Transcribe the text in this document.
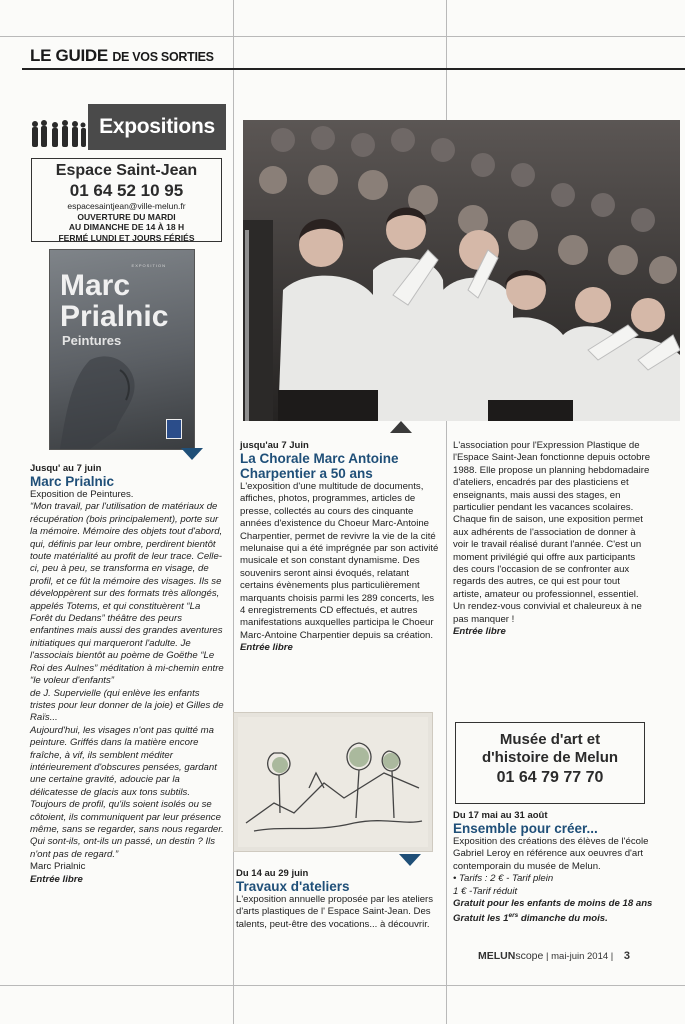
LE GUIDE DE VOS SORTIES
Expositions
Espace Saint-Jean
01 64 52 10 95
espacesaintjean@ville-melun.fr
OUVERTURE DU MARDI
AU DIMANCHE DE 14 À 18 H
FERMÉ LUNDI ET JOURS FÉRIÉS
EXPOSITION
Marc
Prialnic
Peintures
Jusqu' au 7 juin
Marc Prialnic

Exposition de Peintures.

“Mon travail, par l'utilisation de matériaux de récupération (bois principalement), porte sur la mémoire. Mémoire des objets tout d'abord, qui, définis par leur ombre, perdirent bientôt toute matérialité au profit de leur trace. Celle-ci, peu à peu, se transforma en visage, de profil, et ce fût la mémoire des visages. Ils se développèrent sur des formats très allongés, appelés Totems, et qui constituèrent “La Forêt du Dedans” théâtre des peurs enfantines mais aussi des grandes aventures initiatiques qui marqueront l'adulte. Je l'associais bientôt au poème de Goëthe “Le Roi des Aulnes” méditation à mi-chemin entre “le voleur d'enfants”

de J. Supervielle (qui enlève les enfants tristes pour leur donner de la joie) et Gilles de Raïs...

Aujourd'hui, les visages n'ont pas quitté ma peinture. Griffés dans la matière encore fraîche, à vif, ils semblent méditer intérieurement d'obscures pensées, gardant une certaine gravité, adoucie par la délicatesse de glacis aux tons subtils. Toujours de profil, qu'ils soient isolés ou se côtoient, ils communiquent par leur présence même, sans se regarder, sans nous regarder.

Qui sont-ils, ont-ils un passé, un destin ? Ils n'ont pas de regard.”

Marc Prialnic

Entrée libre

jusqu'au 7 Juin
La Chorale Marc Antoine Charpentier a 50 ans

L'exposition d'une multitude de documents, affiches, photos, programmes, articles de presse, collectés au cours des cinquante années d'existence du Choeur Marc-Antoine Charpentier, permet de revivre la vie de la cité melunaise qui a été imprégnée par son activité musicale et son constant dynamisme. Des souvenirs seront ainsi évoqués, relatant certains évènements plus particulièrement marquants choisis parmi les 289 concerts, les 4 enregistrements CD effectués, et autres manifestations auxquelles participa le Choeur Marc-Antoine Charpentier depuis sa création.

Entrée libre

L'association pour l'Expression Plastique de l'Espace Saint-Jean fonctionne depuis octobre 1988. Elle propose un planning hebdomadaire d'ateliers, encadrés par des plasticiens et enseignants, mais aussi des stages, en particulier pendant les vacances scolaires.

Chaque fin de saison, une exposition permet aux adhérents de l'association de donner à voir le travail réalisé durant l'année. C'est un moment privilégié qui offre aux participants des cours l'occasion de se confronter aux regards des autres, ce qui est pour tout artiste, amateur ou professionnel, essentiel.

Un rendez-vous convivial et chaleureux à ne pas manquer !

Entrée libre

Du 14 au 29 juin
Travaux d'ateliers

L'exposition annuelle proposée par les ateliers d'arts plastiques de l' Espace Saint-Jean. Des talents, peut-être des vocations... à découvrir.

Musée d'art et
d'histoire de Melun
01 64 79 77 70
Du 17 mai au 31 août
Ensemble pour créer...

Exposition des créations des élèves de l'école Gabriel Leroy en référence aux oeuvres d'art contemporain du musée de Melun.

• Tarifs : 2 € - Tarif plein

1 € -Tarif réduit

Gratuit pour les enfants de moins de 18 ans

Gratuit les 1ers dimanche du mois.

MELUNscope | mai-juin 2014 | 3
